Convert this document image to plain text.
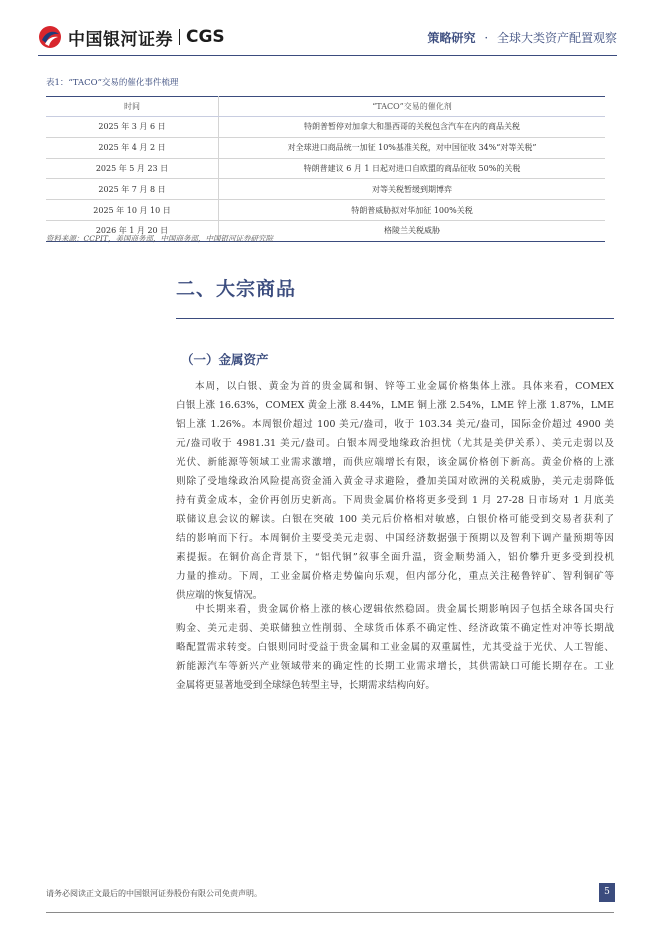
中国银河证券 CGS	策略研究 · 全球大类资产配置观察
表1：“TACO”交易的催化事件梳理
时间	“TACO”交易的催化剂
2025 年 3 月 6 日	特朗普暂停对加拿大和墨西哥的关税包含汽车在内的商品关税
2025 年 4 月 2 日	对全球进口商品统一加征 10%基准关税，对中国征收 34%“对等关税”
2025 年 5 月 23 日	特朗普建议 6 月 1 日起对进口自欧盟的商品征收 50%的关税
2025 年 7 月 8 日	对等关税暂缓到期博弈
2025 年 10 月 10 日	特朗普威胁拟对华加征 100%关税
2026 年 1 月 20 日	格陵兰关税威胁
资料来源：CCPIT，美国商务部，中国商务部，中国银河证券研究院
二、大宗商品
（一）金属资产
本周，以白银、黄金为首的贵金属和铜、锌等工业金属价格集体上涨。具体来看，COMEX
白银上涨 16.63%，COMEX 黄金上涨 8.44%，LME 铜上涨 2.54%，LME 锌上涨 1.87%，LME
铝上涨 1.26%。本周银价超过 100 美元/盎司，收于 103.34 美元/盎司，国际金价超过 4900 美
元/盎司收于 4981.31 美元/盎司。白银本周受地缘政治担忧（尤其是美伊关系）、美元走弱以及
光伏、新能源等领域工业需求激增，而供应端增长有限，该金属价格创下新高。黄金价格的上涨
则除了受地缘政治风险提高资金涌入黄金寻求避险，叠加美国对欧洲的关税威胁，美元走弱降低
持有黄金成本，金价再创历史新高。下周贵金属价格将更多受到 1 月 27-28 日市场对 1 月底美
联储议息会议的解读。白银在突破 100 美元后价格相对敏感，白银价格可能受到交易者获利了
结的影响而下行。本周铜价主要受美元走弱、中国经济数据强于预期以及智利下调产量预期等因
素提振。在铜价高企背景下，“铝代铜”叙事全面升温，资金顺势涌入，铝价攀升更多受到投机
力量的推动。下周，工业金属价格走势偏向乐观，但内部分化，重点关注秘鲁锌矿、智利铜矿等
供应端的恢复情况。
中长期来看，贵金属价格上涨的核心逻辑依然稳固。贵金属长期影响因子包括全球各国央行
购金、美元走弱、美联储独立性削弱、全球货币体系不确定性、经济政策不确定性对冲等长期战
略配置需求转变。白银则同时受益于贵金属和工业金属的双重属性，尤其受益于光伏、人工智能、
新能源汽车等新兴产业领域带来的确定性的长期工业需求增长，其供需缺口可能长期存在。工业
金属将更显著地受到全球绿色转型主导，长期需求结构向好。
请务必阅读正文最后的中国银河证券股份有限公司免责声明。	5
